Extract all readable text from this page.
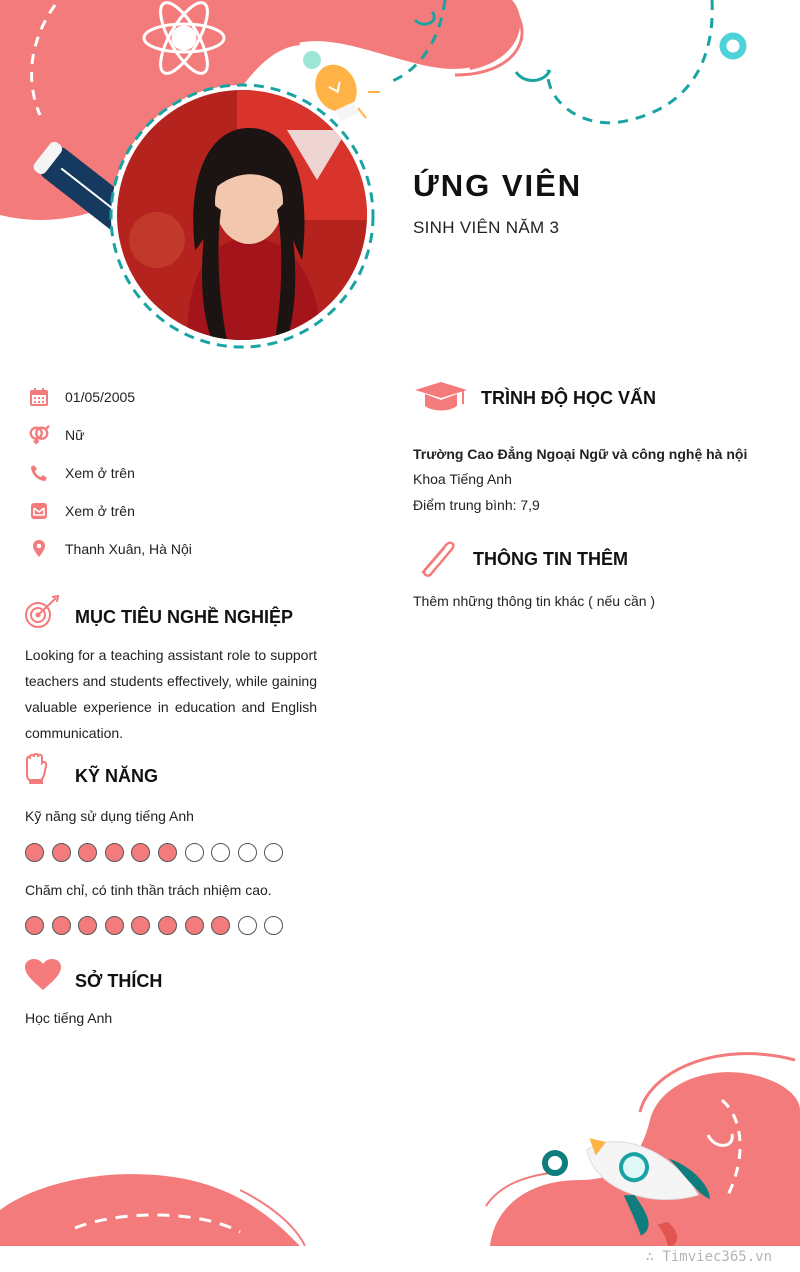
ỨNG VIÊN
SINH VIÊN NĂM 3
01/05/2005
Nữ
Xem ở trên
Xem ở trên
Thanh Xuân, Hà Nội
MỤC TIÊU NGHỀ NGHIỆP
Looking for a teaching assistant role to support teachers and students effectively, while gaining valuable experience in education and English communication.
KỸ NĂNG
Kỹ năng sử dụng tiếng Anh
Chăm chỉ, có tinh thần trách nhiệm cao.
SỞ THÍCH
Học tiếng Anh
TRÌNH ĐỘ HỌC VẤN
Trường Cao Đẳng Ngoại Ngữ và công nghệ hà nội
Khoa Tiếng Anh
Điểm trung bình: 7,9
THÔNG TIN THÊM
Thêm những thông tin khác ( nếu cần )
∴ Timviec365.vn
